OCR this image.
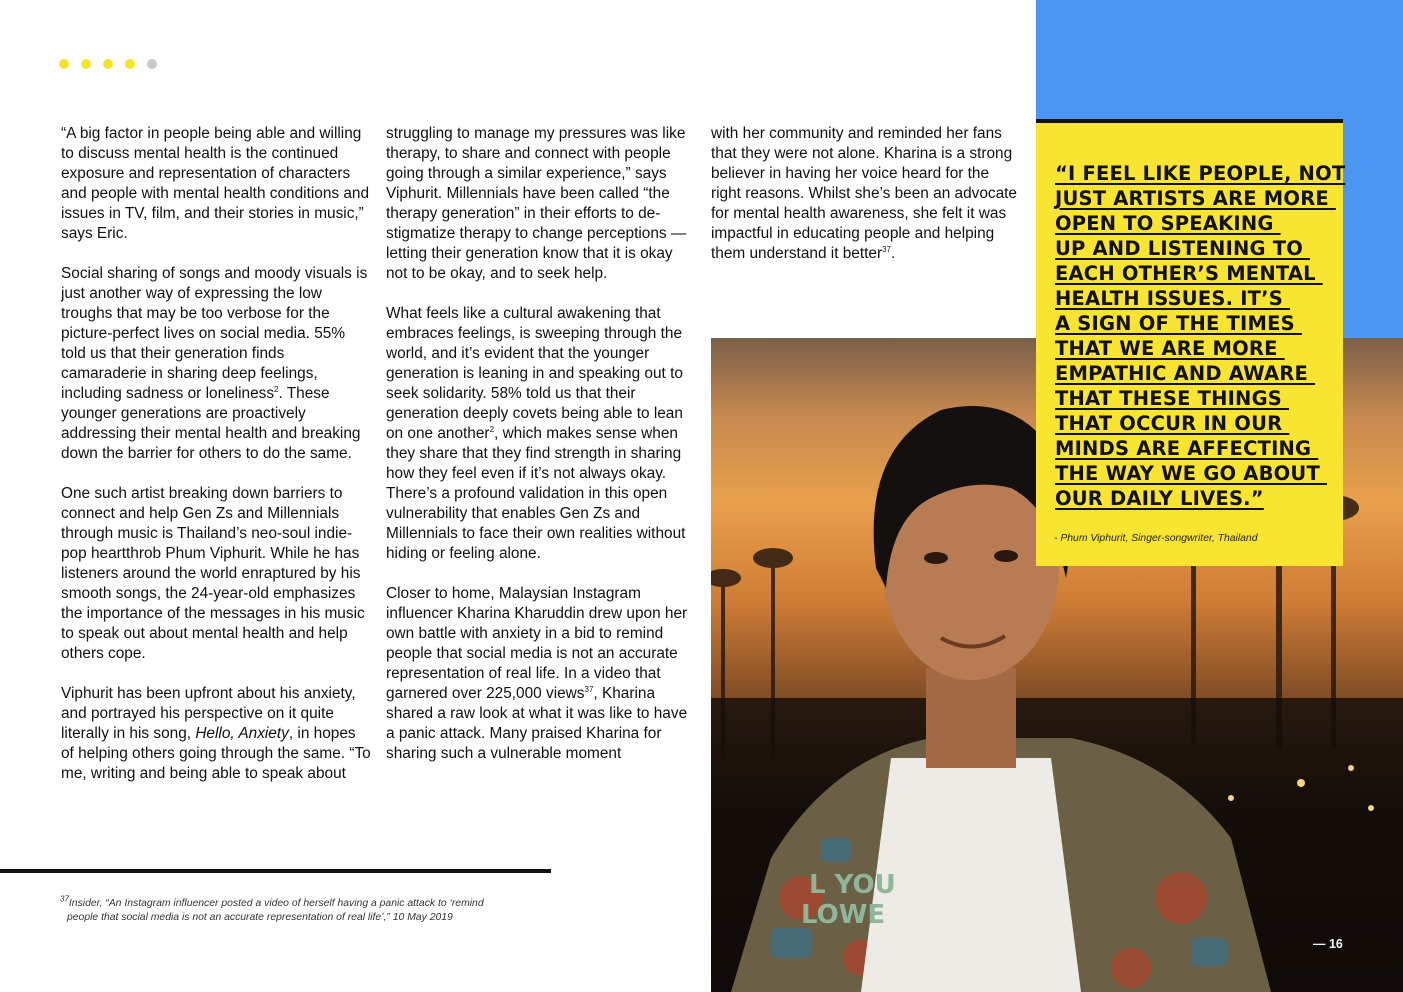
“A big factor in people being able and willing to discuss mental health is the continued exposure and representation of characters and people with mental health conditions and issues in TV, film, and their stories in music,” says Eric.

Social sharing of songs and moody visuals is just another way of expressing the low troughs that may be too verbose for the picture-perfect lives on social media. 55% told us that their generation finds camaraderie in sharing deep feelings, including sadness or loneliness$^2$. These younger generations are proactively addressing their mental health and breaking down the barrier for others to do the same.

One such artist breaking down barriers to connect and help Gen Zs and Millennials through music is Thailand’s neo-soul indie-pop heartthrob Phum Viphurit. While he has listeners around the world enraptured by his smooth songs, the 24-year-old emphasizes the importance of the messages in his music to speak out about mental health and help others cope.

Viphurit has been upfront about his anxiety, and portrayed his perspective on it quite literally in his song, Hello, Anxiety, in hopes of helping others going through the same. “To me, writing and being able to speak about

struggling to manage my pressures was like therapy, to share and connect with people going through a similar experience,” says Viphurit. Millennials have been called “the therapy generation” in their efforts to de-stigmatize therapy to change perceptions — letting their generation know that it is okay not to be okay, and to seek help.

What feels like a cultural awakening that embraces feelings, is sweeping through the world, and it’s evident that the younger generation is leaning in and speaking out to seek solidarity. 58% told us that their generation deeply covets being able to lean on one another$^2$, which makes sense when they share that they find strength in sharing how they feel even if it’s not always okay. There’s a profound validation in this open vulnerability that enables Gen Zs and Millennials to face their own realities without hiding or feeling alone.

Closer to home, Malaysian Instagram influencer Kharina Kharuddin drew upon her own battle with anxiety in a bid to remind people that social media is not an accurate representation of real life. In a video that garnered over 225,000 views$^{37}$, Kharina shared a raw look at what it was like to have a panic attack. Many praised Kharina for sharing such a vulnerable moment

with her community and reminded her fans that they were not alone. Kharina is a strong believer in having her voice heard for the right reasons. Whilst she’s been an advocate for mental health awareness, she felt it was impactful in educating people and helping them understand it better$^{37}$.

$^{37}$Insider, “An Instagram influencer posted a video of herself having a panic attack to ‘remind
people that social media is not an accurate representation of real life’,” 10 May 2019
L YOU
LOWE
“I FEEL LIKE PEOPLE, NOT
JUST ARTISTS ARE MORE
OPEN TO SPEAKING
UP AND LISTENING TO
EACH OTHER’S MENTAL
HEALTH ISSUES. IT’S
A SIGN OF THE TIMES
THAT WE ARE MORE
EMPATHIC AND AWARE
THAT THESE THINGS
THAT OCCUR IN OUR
MINDS ARE AFFECTING
THE WAY WE GO ABOUT
OUR DAILY LIVES.”
- Phum Viphurit, Singer-songwriter, Thailand
— 16
